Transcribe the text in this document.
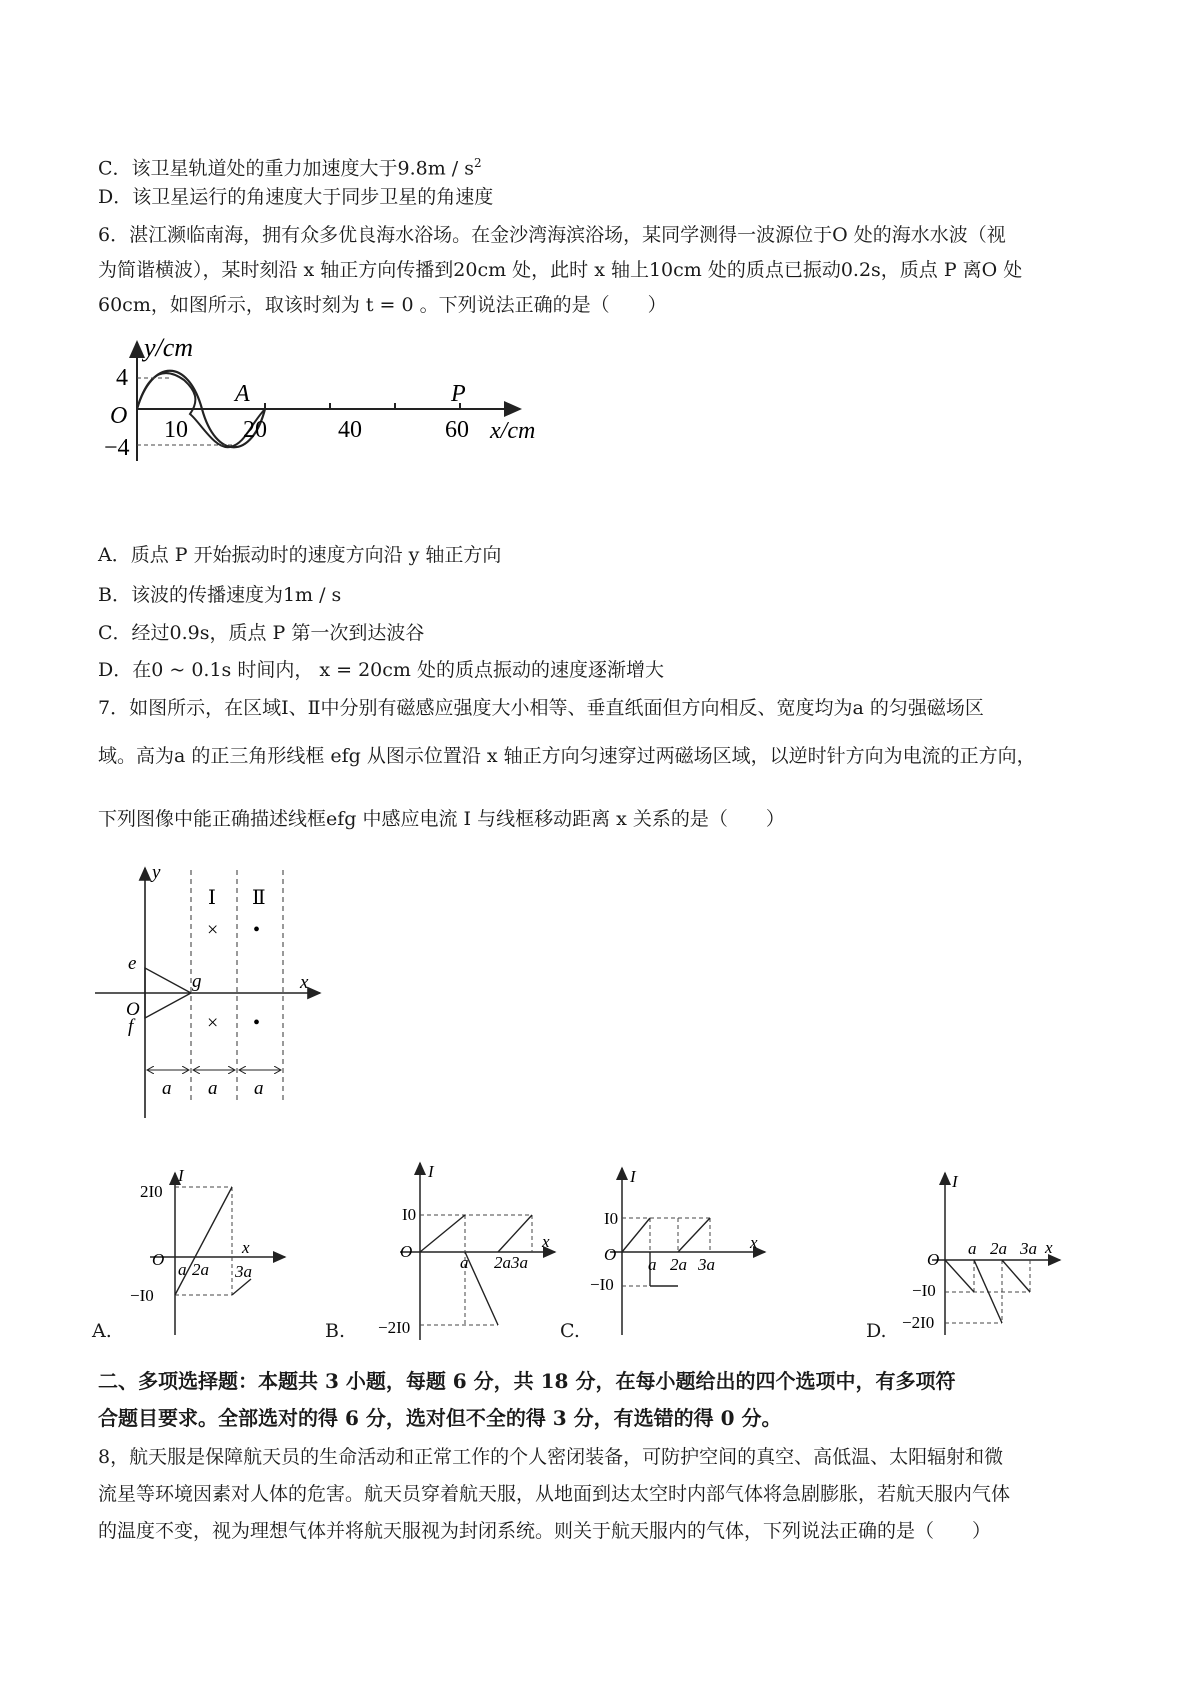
C．该卫星轨道处的重力加速度大于$9.8m / s^2$
D．该卫星运行的角速度大于同步卫星的角速度
6．湛江濒临南海，拥有众多优良海水浴场。在金沙湾海滨浴场，某同学测得一波源位于O 处的海水水波（视
为简谐横波），某时刻沿 x 轴正方向传播到20cm 处，此时 x 轴上10cm 处的质点已振动0.2s，质点 P 离O 处
60cm，如图所示，取该时刻为 t = 0 。下列说法正确的是（　　）
y/cm
4
−4
O
10 20	40	60
A	P
x/cm
A．质点 P 开始振动时的速度方向沿 y 轴正方向
B．该波的传播速度为1m / s
C．经过0.9s，质点 P 第一次到达波谷
D．在0 ~ 0.1s 时间内， x = 20cm 处的质点振动的速度逐渐增大
7．如图所示，在区域Ⅰ、Ⅱ中分别有磁感应强度大小相等、垂直纸面但方向相反、宽度均为a 的匀强磁场区
域。高为a 的正三角形线框 efg 从图示位置沿 x 轴正方向匀速穿过两磁场区域，以逆时针方向为电流的正方向，
下列图像中能正确描述线框efg 中感应电流 I 与线框移动距离 x 关系的是（　　）
y
x
O
e
f
g
Ⅰ Ⅱ
× •
× •
a a a
2I0
I
O
−I0
a 2a 3a
x
A.
I
I0
O
−2I0
a 2a3a
x
B.
I
I0
O
−I0
a 2a 3a
x
C.
I
O
−I0
−2I0
a 2a 3a x
D.
二、多项选择题：本题共 3 小题，每题 6 分，共 18 分，在每小题给出的四个选项中，有多项符
合题目要求。全部选对的得 6 分，选对但不全的得 3 分，有选错的得 0 分。
8，航天服是保障航天员的生命活动和正常工作的个人密闭装备，可防护空间的真空、高低温、太阳辐射和微
流星等环境因素对人体的危害。航天员穿着航天服，从地面到达太空时内部气体将急剧膨胀，若航天服内气体
的温度不变，视为理想气体并将航天服视为封闭系统。则关于航天服内的气体，下列说法正确的是（　　）
